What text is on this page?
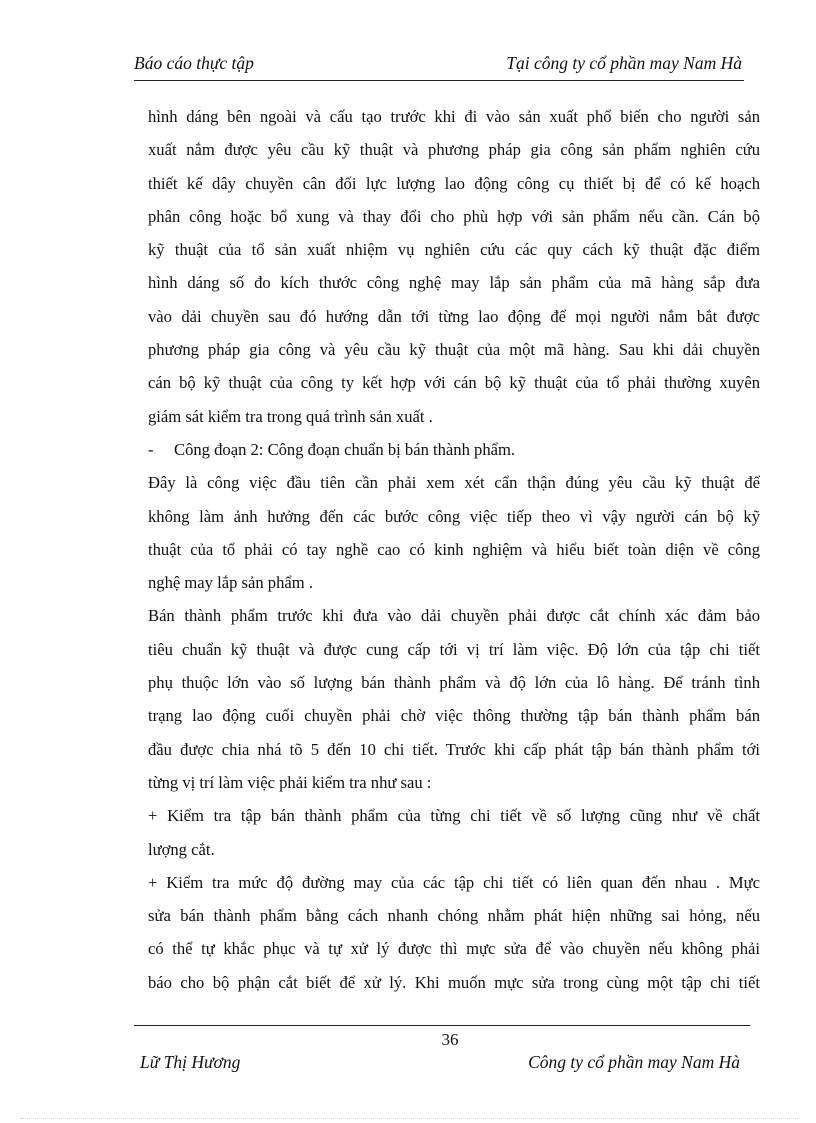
Báo cáo thực tập	Tại công ty cổ phần may Nam Hà
hình dáng bên ngoài và cấu tạo trước khi đi vào sản xuất phổ biến cho người sản
xuất nắm được yêu cầu kỹ thuật và phương pháp gia công sản phẩm nghiên cứu
thiết kế dây chuyền cân đối lực lượng lao động công cụ thiết bị để có kế hoạch
phân công hoặc bổ xung và thay đổi cho phù hợp với sản phẩm nếu cần. Cán bộ
kỹ thuật của tổ sản xuất nhiệm vụ nghiên cứu các quy cách kỹ thuật đặc điểm
hình dáng số đo kích thước công nghệ may lắp sản phẩm của mã hàng sắp đưa
vào dải chuyền sau đó hướng dẫn tới từng lao động để mọi người nắm bắt được
phương pháp gia công và yêu cầu kỹ thuật của một mã hàng. Sau khi dải chuyền
cán bộ kỹ thuật của công ty kết hợp với cán bộ kỹ thuật của tổ phải thường xuyên
giám sát kiểm tra trong quá trình sản xuất .
- Công đoạn 2: Công đoạn chuẩn bị bán thành phẩm.
Đây là công việc đầu tiên cần phải xem xét cẩn thận đúng yêu cầu kỹ thuật để
không làm ảnh hưởng đến các bước công việc tiếp theo vì vậy người cán bộ kỹ
thuật của tổ phải có tay nghề cao có kinh nghiệm và hiểu biết toàn diện về công
nghệ may lắp sản phẩm .
Bán thành phẩm trước khi đưa vào dải chuyền phải được cắt chính xác đảm bảo
tiêu chuẩn kỹ thuật và được cung cấp tới vị trí làm việc. Độ lớn của tập chi tiết
phụ thuộc lớn vào số lượng bán thành phẩm và độ lớn của lô hàng. Để tránh tình
trạng lao động cuối chuyền phải chờ việc thông thường tập bán thành phẩm bán
đầu được chia nhá tõ 5 đến 10 chi tiết. Trước khi cấp phát tập bán thành phẩm tới
từng vị trí làm việc phải kiểm tra như sau :
+ Kiểm tra tập bán thành phẩm của từng chi tiết về số lượng cũng như về chất
lượng cắt.
+ Kiểm tra mức độ đường may của các tập chi tiết có liên quan đến nhau . Mực
sửa bán thành phẩm bằng cách nhanh chóng nhằm phát hiện những sai hỏng, nếu
có thể tự khắc phục và tự xử lý được thì mực sửa để vào chuyền nếu không phải
báo cho bộ phận cắt biết để xử lý. Khi muốn mực sửa trong cùng một tập chi tiết
36
Lữ Thị Hương	Công ty cổ phần may Nam Hà
